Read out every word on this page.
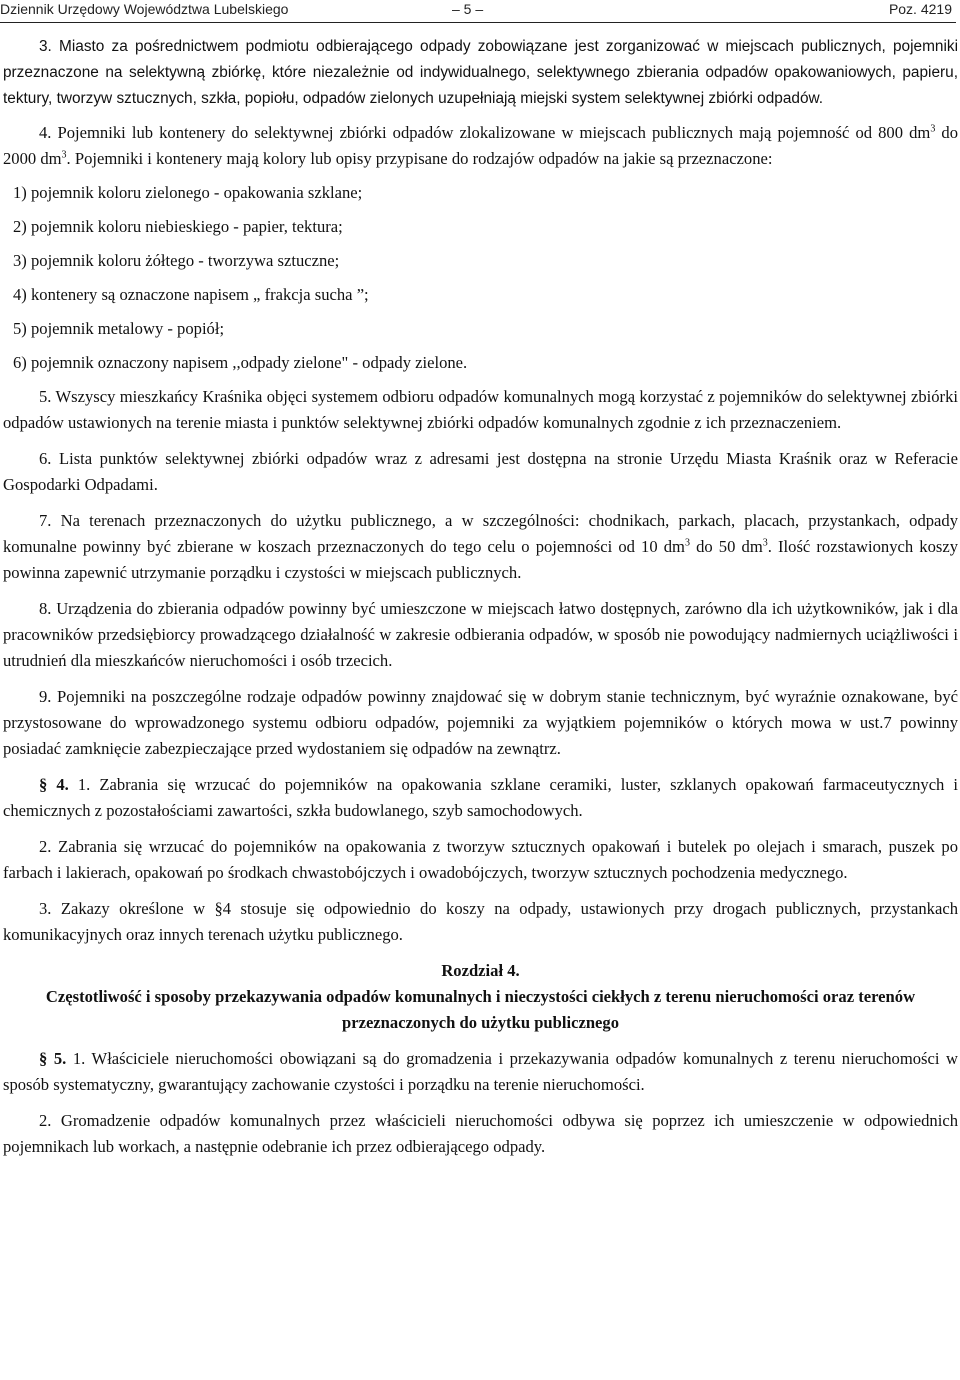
Dziennik Urzędowy Województwa Lubelskiego	– 5 –	Poz. 4219

3. Miasto za pośrednictwem podmiotu odbierającego odpady zobowiązane jest zorganizować w miejscach publicznych, pojemniki przeznaczone na selektywną zbiórkę, które niezależnie od indywidualnego, selektywnego zbierania odpadów opakowaniowych, papieru, tektury, tworzyw sztucznych, szkła, popiołu, odpadów zielonych uzupełniają miejski system selektywnej zbiórki odpadów.

4. Pojemniki lub kontenery do selektywnej zbiórki odpadów zlokalizowane w miejscach publicznych mają pojemność od 800 $dm^3$ do 2000 $dm^3$. Pojemniki i kontenery mają kolory lub opisy przypisane do rodzajów odpadów na jakie są przeznaczone:

1) pojemnik koloru zielonego - opakowania szklane;

2) pojemnik koloru niebieskiego - papier, tektura;

3) pojemnik koloru żółtego - tworzywa sztuczne;

4) kontenery są oznaczone napisem „ frakcja sucha ”;

5) pojemnik metalowy - popiół;

6) pojemnik oznaczony napisem ,,odpady zielone" - odpady zielone.

5. Wszyscy mieszkańcy Kraśnika objęci systemem odbioru odpadów komunalnych mogą korzystać z pojemników do selektywnej zbiórki odpadów ustawionych na terenie miasta i punktów selektywnej zbiórki odpadów komunalnych zgodnie z ich przeznaczeniem.

6. Lista punktów selektywnej zbiórki odpadów wraz z adresami jest dostępna na stronie Urzędu Miasta Kraśnik oraz w Referacie Gospodarki Odpadami.

7. Na terenach przeznaczonych do użytku publicznego, a w szczególności: chodnikach, parkach, placach, przystankach, odpady komunalne powinny być zbierane w koszach przeznaczonych do tego celu o pojemności od 10 $dm^3$ do 50 $dm^3$. Ilość rozstawionych koszy powinna zapewnić utrzymanie porządku i czystości w miejscach publicznych.

8. Urządzenia do zbierania odpadów powinny być umieszczone w miejscach łatwo dostępnych, zarówno dla ich użytkowników, jak i dla pracowników przedsiębiorcy prowadzącego działalność w zakresie odbierania odpadów, w sposób nie powodujący nadmiernych uciążliwości i utrudnień dla mieszkańców nieruchomości i osób trzecich.

9. Pojemniki na poszczególne rodzaje odpadów powinny znajdować się w dobrym stanie technicznym, być wyraźnie oznakowane, być przystosowane do wprowadzonego systemu odbioru odpadów, pojemniki za wyjątkiem pojemników o których mowa w ust.7 powinny posiadać zamknięcie zabezpieczające przed wydostaniem się odpadów na zewnątrz.

§ 4. 1. Zabrania się wrzucać do pojemników na opakowania szklane ceramiki, luster, szklanych opakowań farmaceutycznych i chemicznych z pozostałościami zawartości, szkła budowlanego, szyb samochodowych.

2. Zabrania się wrzucać do pojemników na opakowania z tworzyw sztucznych opakowań i butelek po olejach i smarach, puszek po farbach i lakierach, opakowań po środkach chwastobójczych i owadobójczych, tworzyw sztucznych pochodzenia medycznego.

3. Zakazy określone w §4 stosuje się odpowiednio do koszy na odpady, ustawionych przy drogach publicznych, przystankach komunikacyjnych oraz innych terenach użytku publicznego.

Rozdział 4.

Częstotliwość i sposoby przekazywania odpadów komunalnych i nieczystości ciekłych z terenu nieruchomości oraz terenów przeznaczonych do użytku publicznego

§ 5. 1. Właściciele nieruchomości obowiązani są do gromadzenia i przekazywania odpadów komunalnych z terenu nieruchomości w sposób systematyczny, gwarantujący zachowanie czystości i porządku na terenie nieruchomości.

2. Gromadzenie odpadów komunalnych przez właścicieli nieruchomości odbywa się poprzez ich umieszczenie w odpowiednich pojemnikach lub workach, a następnie odebranie ich przez odbierającego odpady.
